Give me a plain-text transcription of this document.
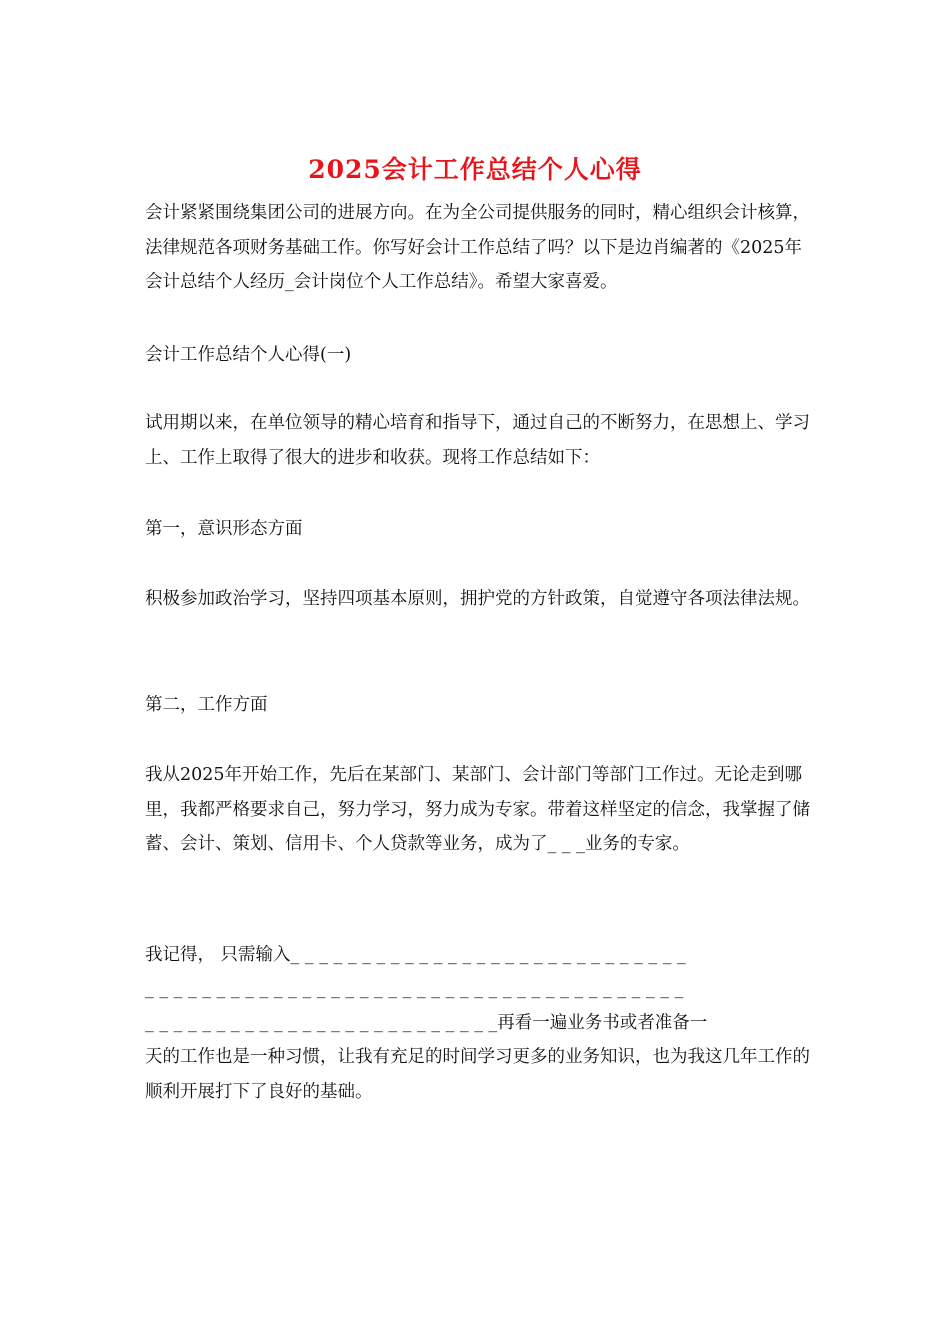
2025会计工作总结个人心得

会计紧紧围绕集团公司的进展方向。在为全公司提供服务的同时，精心组织会计核算，法律规范各项财务基础工作。你写好会计工作总结了吗？以下是边肖编著的《2025年会计总结个人经历_会计岗位个人工作总结》。希望大家喜爱。

会计工作总结个人心得(一)

试用期以来，在单位领导的精心培育和指导下，通过自己的不断努力，在思想上、学习上、工作上取得了很大的进步和收获。现将工作总结如下：

第一，意识形态方面

积极参加政治学习，坚持四项基本原则，拥护党的方针政策，自觉遵守各项法律法规。

第二，工作方面

我从2025年开始工作，先后在某部门、某部门、会计部门等部门工作过。无论走到哪里，我都严格要求自己，努力学习，努力成为专家。带着这样坚定的信念，我掌握了储蓄、会计、策划、信用卡、个人贷款等业务，成为了_ _ _业务的专家。

我记得， 只需输入_ _ _ _ _ _ _ _ _ _ _ _ _ _ _ _ _ _ _ _ _ _ _ _ _ _ _ _

_ _ _ _ _ _ _ _ _ _ _ _ _ _ _ _ _ _ _ _ _ _ _ _ _ _ _ _ _ _ _ _ _ _ _ _ _ _

_ _ _ _ _ _ _ _ _ _ _ _ _ _ _ _ _ _ _ _ _ _ _ _ _再看一遍业务书或者准备一

天的工作也是一种习惯，让我有充足的时间学习更多的业务知识，也为我这几年工作的顺利开展打下了良好的基础。
